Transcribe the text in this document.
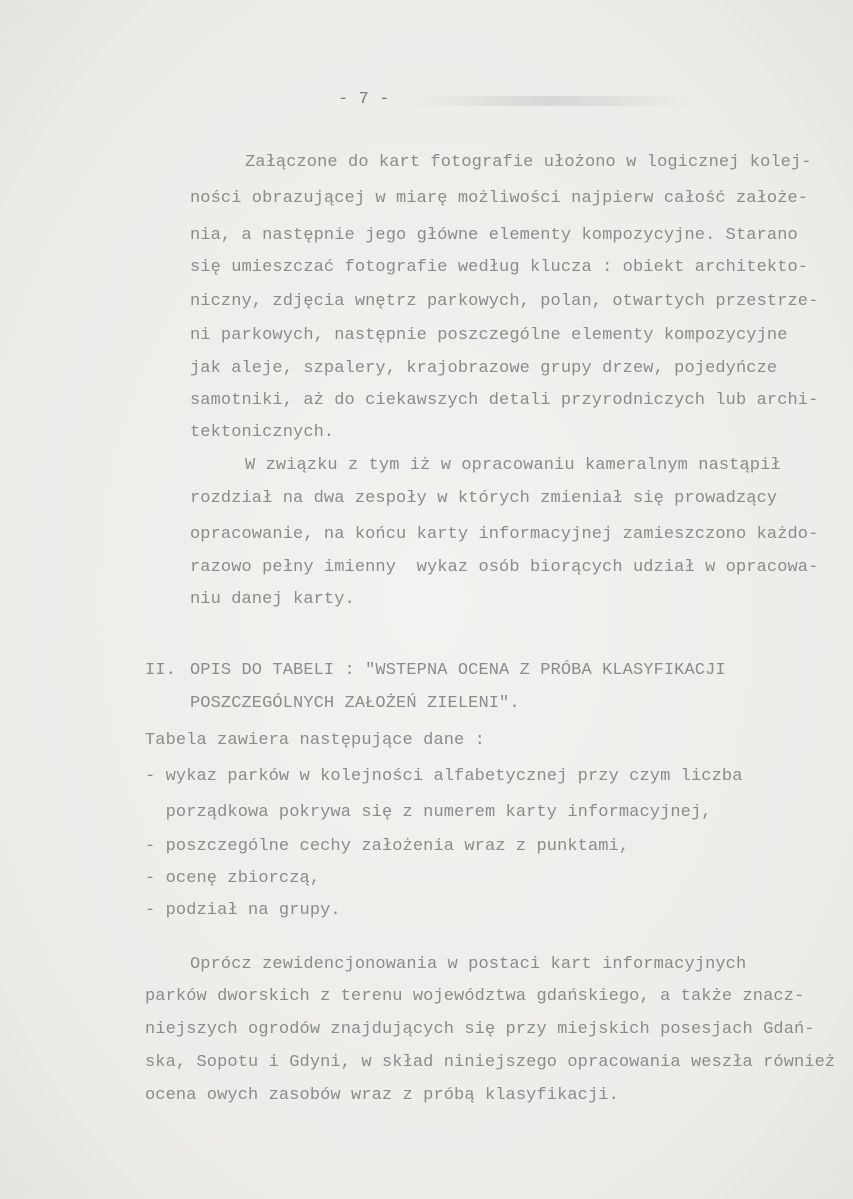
- 7 -
Załączone do kart fotografie ułożono w logicznej kolej-
ności obrazującej w miarę możliwości najpierw całość założe-
nia, a następnie jego główne elementy kompozycyjne. Starano
się umieszczać fotografie według klucza : obiekt architekto-
niczny, zdjęcia wnętrz parkowych, polan, otwartych przestrze-
ni parkowych, następnie poszczególne elementy kompozycyjne
jak aleje, szpalery, krajobrazowe grupy drzew, pojedyńcze
samotniki, aż do ciekawszych detali przyrodniczych lub archi-
tektonicznych.
W związku z tym iż w opracowaniu kameralnym nastąpił
rozdział na dwa zespoły w których zmieniał się prowadzący
opracowanie, na końcu karty informacyjnej zamieszczono każdo-
razowo pełny imienny  wykaz osób biorących udział w opracowa-
niu danej karty.
II. OPIS DO TABELI : "WSTEPNA OCENA Z PRÓBA KLASYFIKACJI
POSZCZEGÓLNYCH ZAŁOŻEŃ ZIELENI".
Tabela zawiera następujące dane :
- wykaz parków w kolejności alfabetycznej przy czym liczba
porządkowa pokrywa się z numerem karty informacyjnej,
- poszczególne cechy założenia wraz z punktami,
- ocenę zbiorczą,
- podział na grupy.
Oprócz zewidencjonowania w postaci kart informacyjnych
parków dworskich z terenu województwa gdańskiego, a także znacz-
niejszych ogrodów znajdujących się przy miejskich posesjach Gdań-
ska, Sopotu i Gdyni, w skład niniejszego opracowania weszła również
ocena owych zasobów wraz z próbą klasyfikacji.
